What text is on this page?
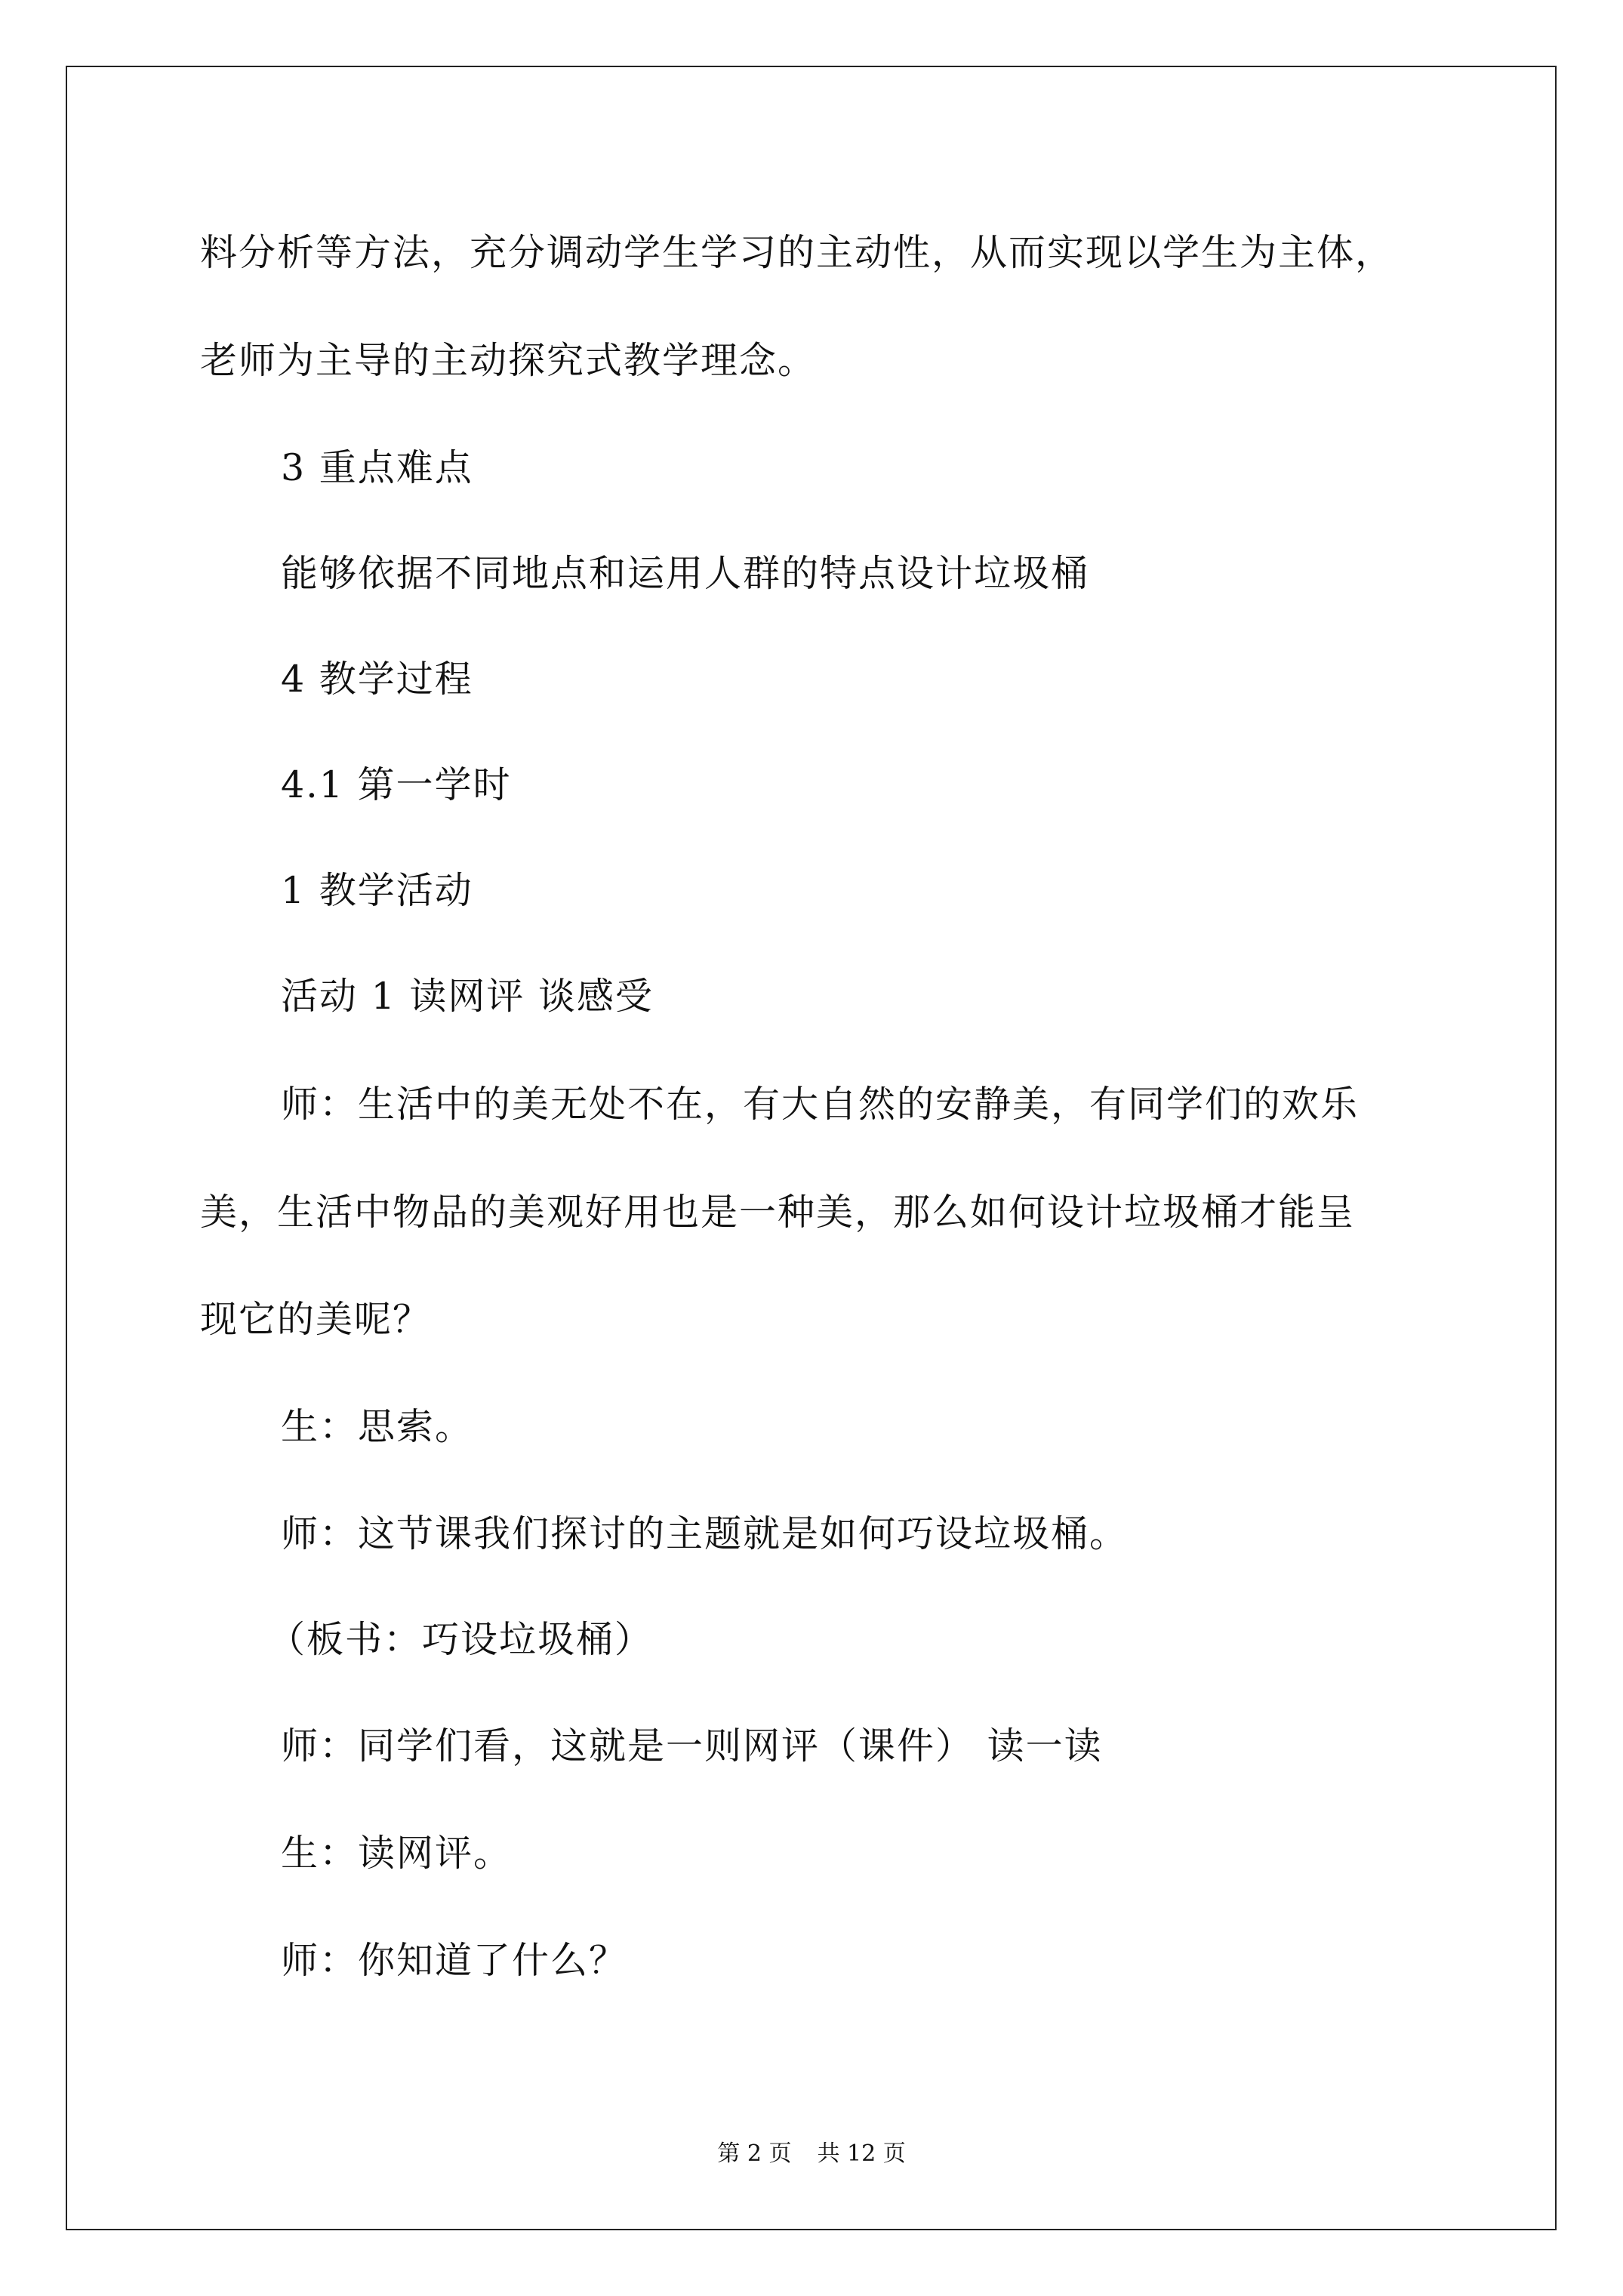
料分析等方法，充分调动学生学习的主动性，从而实现以学生为主体，
老师为主导的主动探究式教学理念。
3 重点难点
能够依据不同地点和运用人群的特点设计垃圾桶
4 教学过程
4.1 第一学时
1 教学活动
活动 1 读网评 谈感受
师：生活中的美无处不在，有大自然的安静美，有同学们的欢乐
美，生活中物品的美观好用也是一种美，那么如何设计垃圾桶才能呈
现它的美呢？
生：思索。
师：这节课我们探讨的主题就是如何巧设垃圾桶。
（板书：巧设垃圾桶）
师：同学们看，这就是一则网评（课件） 读一读
生：读网评。
师：你知道了什么？
第 2 页 共 12 页
